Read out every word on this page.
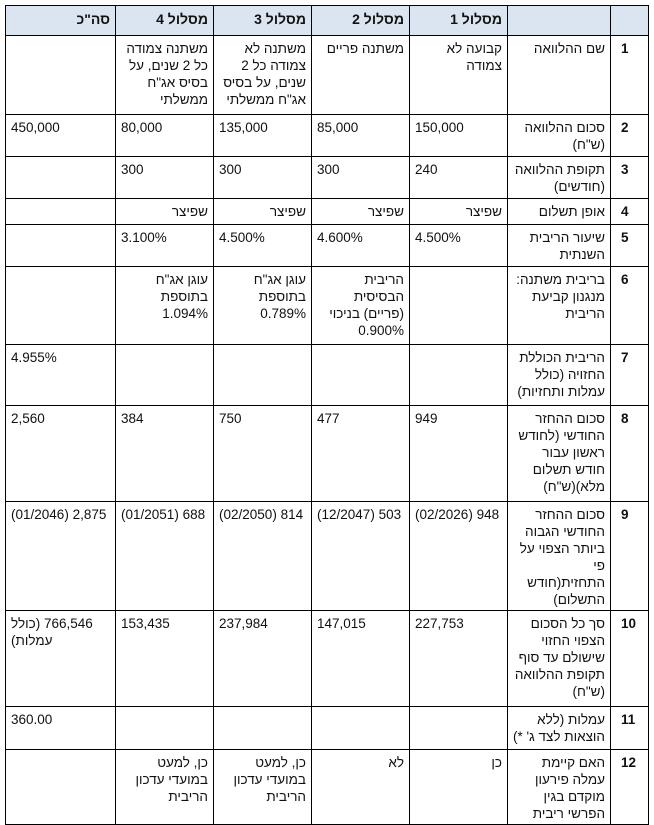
		מסלול 1	מסלול 2	מסלול 3	מסלול 4	סה"כ
1	שם ההלוואה	קבועה לא צמודה	משתנה פריים	משתנה לא צמודה כל 2 שנים, על בסיס אג"ח ממשלתי	משתנה צמודה כל 2 שנים, על בסיס אג"ח ממשלתי	
2	סכום ההלוואה (ש"ח)	150,000	85,000	135,000	80,000	450,000
3	תקופת ההלוואה (חודשים)	240	300	300	300	
4	אופן תשלום	שפיצר	שפיצר	שפיצר	שפיצר	
5	שיעור הריבית השנתית	4.500%	4.600%	4.500%	3.100%	
6	בריבית משתנה: מנגנון קביעת הריבית		הריבית הבסיסית (פריים) בניכוי 0.900%	עוגן אג"ח בתוספת 0.789%	עוגן אג"ח בתוספת 1.094%	
7	הריבית הכוללת החזויה (כולל עמלות ותחזיות)					4.955%
8	סכום ההחזר החודשי (לחודש ראשון עבור חודש תשלום מלא)(ש"ח)	949	477	750	384	2,560
9	סכום ההחזר החודשי הגבוה ביותר הצפוי על פי התחזית(חודש התשלום)	948 (02/2026)	503 (12/2047)	814 (02/2050)	688 (01/2051)	2,875 (01/2046)
10	סך כל הסכום הצפוי החזוי שישולם עד סוף תקופת ההלוואה (ש"ח)	227,753	147,015	237,984	153,435	766,546 (כולל עמלות)
11	עמלות (ללא הוצאות לצד ג' *)					360.00
12	האם קיימת עמלה פירעון מוקדם בגין הפרשי ריבית	כן	לא	כן, למעט במועדי עדכון הריבית	כן, למעט במועדי עדכון הריבית	
